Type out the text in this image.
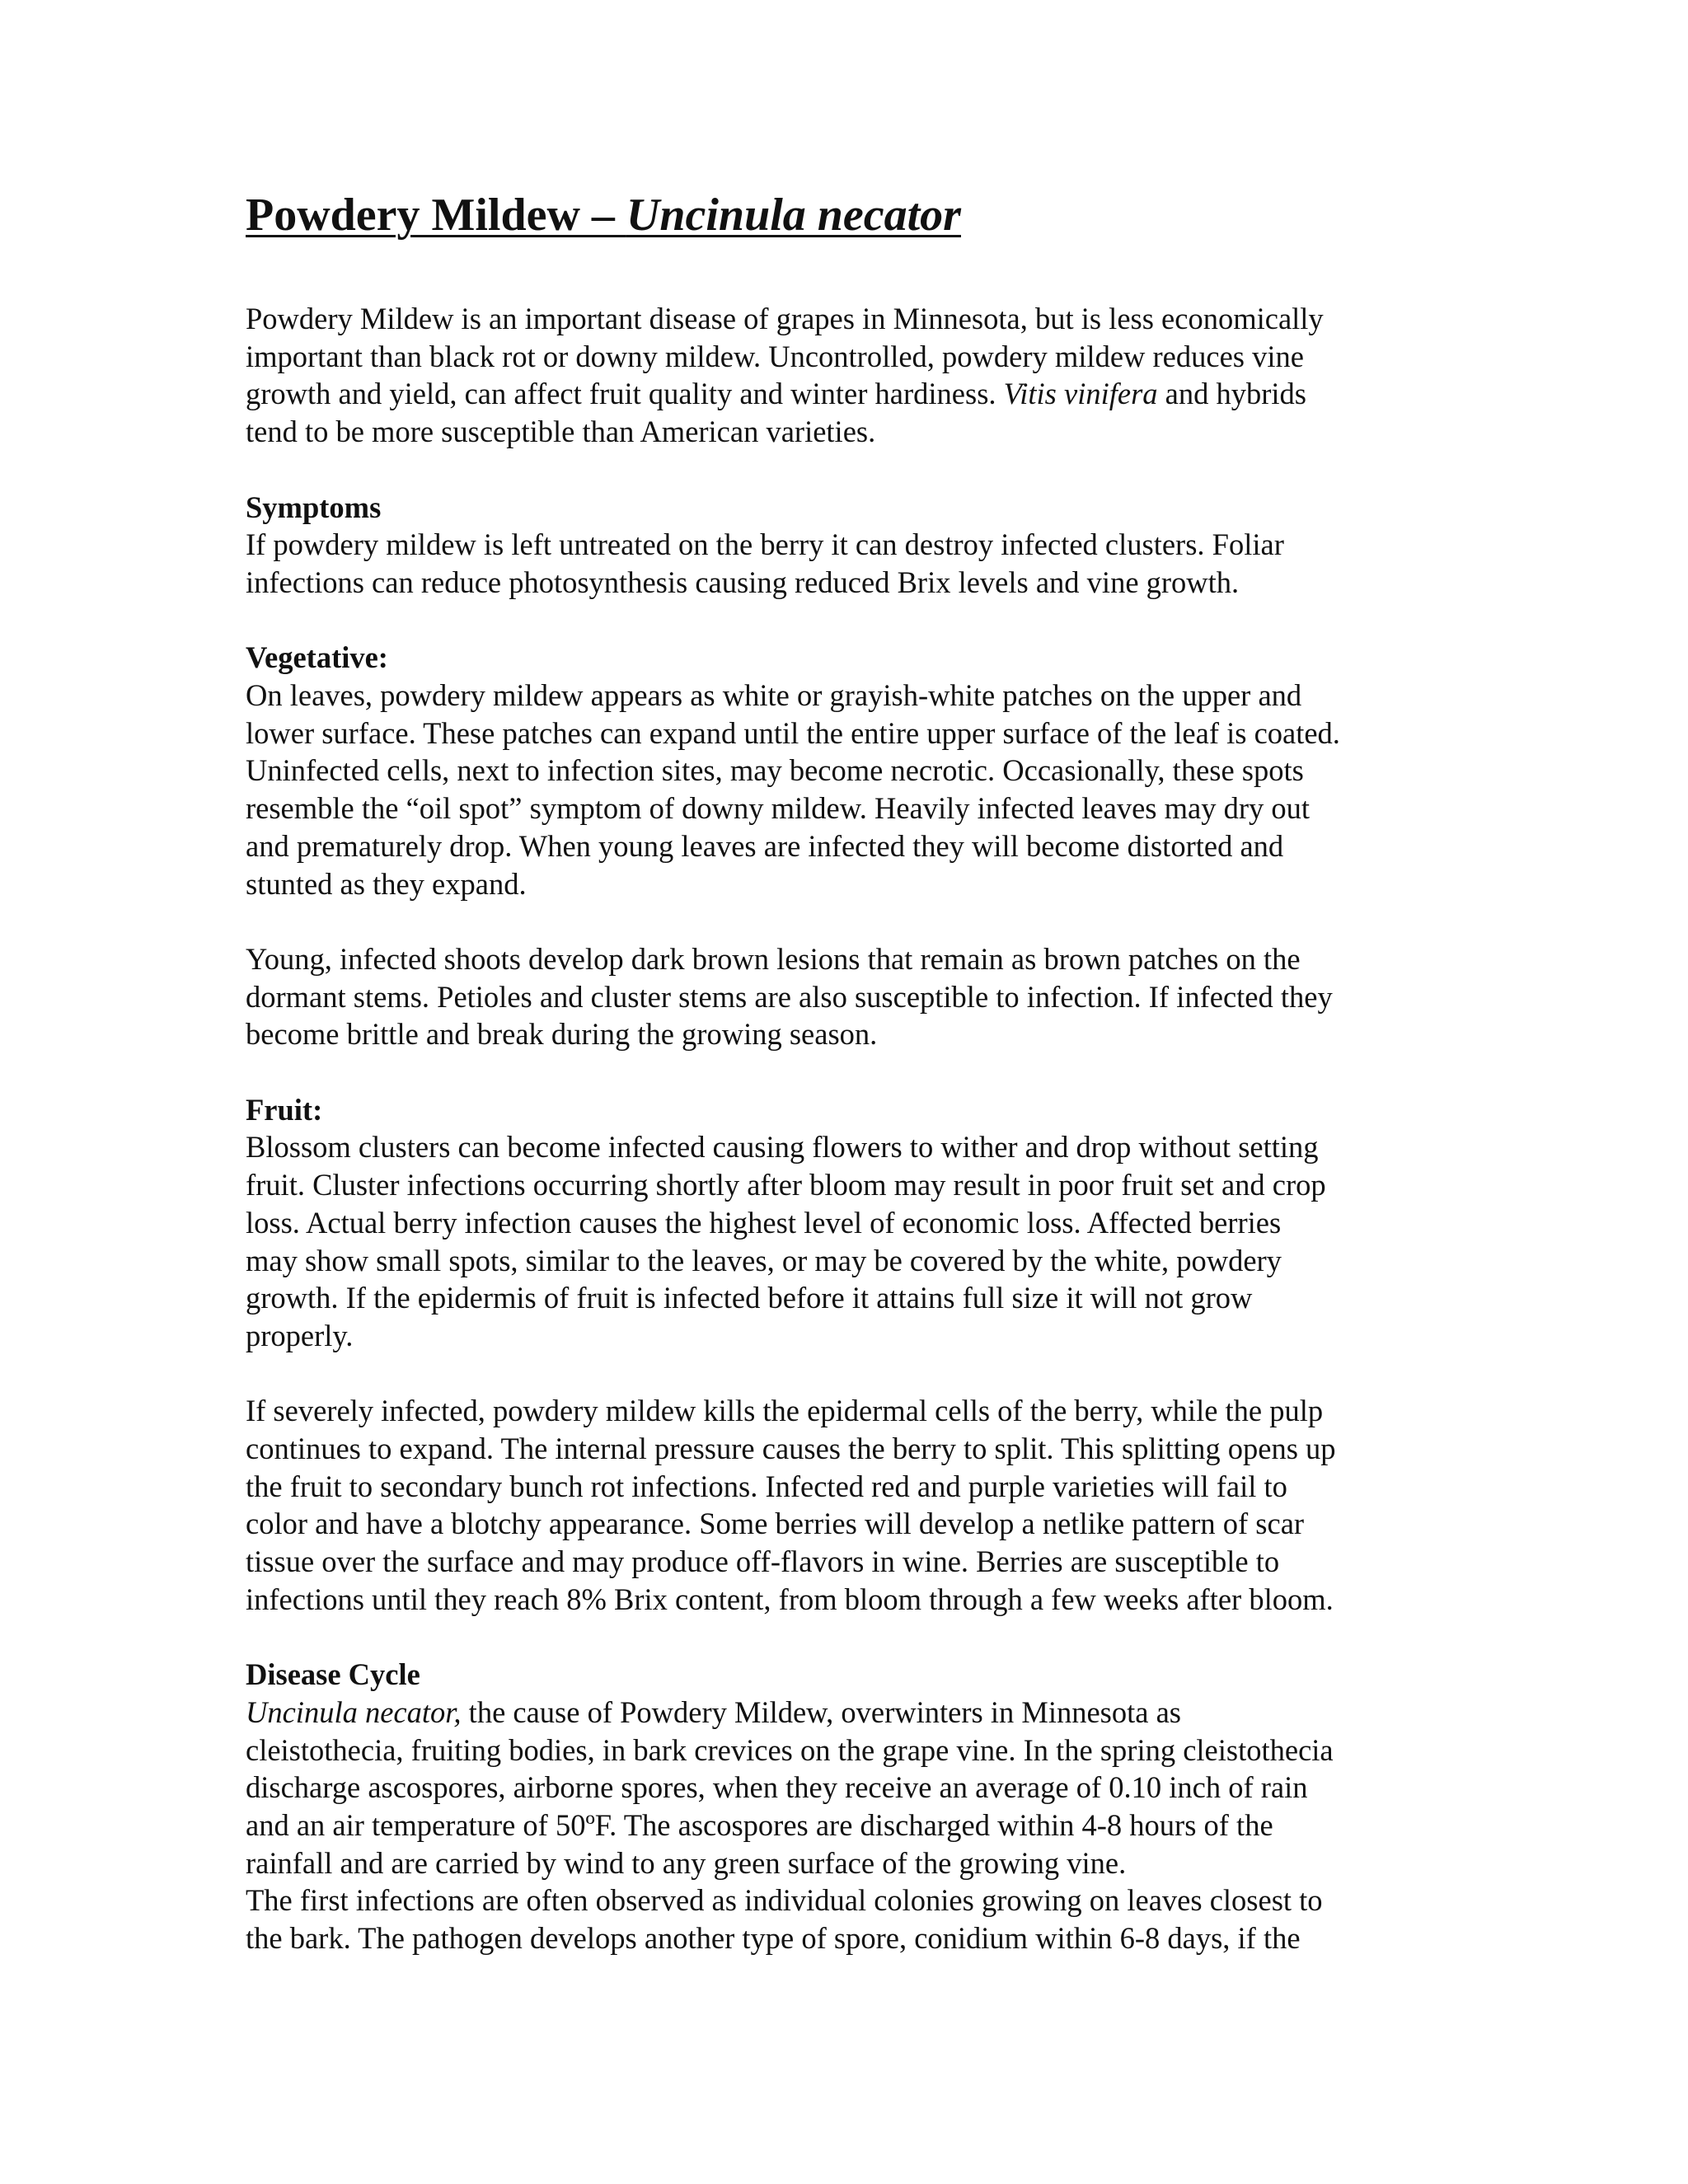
Powdery Mildew – Uncinula necator

Powdery Mildew is an important disease of grapes in Minnesota, but is less economically
important than black rot or downy mildew. Uncontrolled, powdery mildew reduces vine
growth and yield, can affect fruit quality and winter hardiness. Vitis vinifera and hybrids
tend to be more susceptible than American varieties.

Symptoms

If powdery mildew is left untreated on the berry it can destroy infected clusters. Foliar
infections can reduce photosynthesis causing reduced Brix levels and vine growth.

Vegetative:

On leaves, powdery mildew appears as white or grayish-white patches on the upper and
lower surface. These patches can expand until the entire upper surface of the leaf is coated.
Uninfected cells, next to infection sites, may become necrotic. Occasionally, these spots
resemble the “oil spot” symptom of downy mildew. Heavily infected leaves may dry out
and prematurely drop. When young leaves are infected they will become distorted and
stunted as they expand.

Young, infected shoots develop dark brown lesions that remain as brown patches on the
dormant stems. Petioles and cluster stems are also susceptible to infection. If infected they
become brittle and break during the growing season.

Fruit:

Blossom clusters can become infected causing flowers to wither and drop without setting
fruit. Cluster infections occurring shortly after bloom may result in poor fruit set and crop
loss. Actual berry infection causes the highest level of economic loss. Affected berries
may show small spots, similar to the leaves, or may be covered by the white, powdery
growth. If the epidermis of fruit is infected before it attains full size it will not grow
properly.

If severely infected, powdery mildew kills the epidermal cells of the berry, while the pulp
continues to expand. The internal pressure causes the berry to split. This splitting opens up
the fruit to secondary bunch rot infections. Infected red and purple varieties will fail to
color and have a blotchy appearance. Some berries will develop a netlike pattern of scar
tissue over the surface and may produce off-flavors in wine. Berries are susceptible to
infections until they reach 8% Brix content, from bloom through a few weeks after bloom.

Disease Cycle

Uncinula necator, the cause of Powdery Mildew, overwinters in Minnesota as
cleistothecia, fruiting bodies, in bark crevices on the grape vine. In the spring cleistothecia
discharge ascospores, airborne spores, when they receive an average of 0.10 inch of rain
and an air temperature of 50ºF. The ascospores are discharged within 4-8 hours of the
rainfall and are carried by wind to any green surface of the growing vine.
The first infections are often observed as individual colonies growing on leaves closest to
the bark. The pathogen develops another type of spore, conidium within 6-8 days, if the
